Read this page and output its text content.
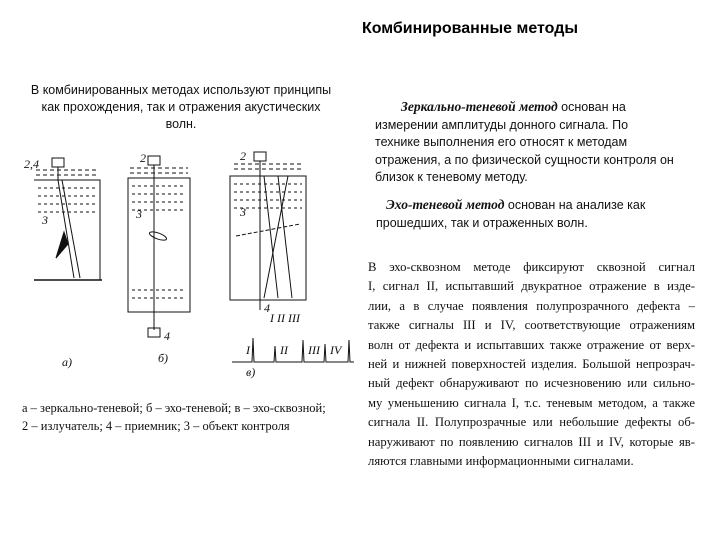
Комбинированные методы
В комбинированных методах используют принципы как прохождения, так и отражения акустических волн.
Зеркально-теневой метод основан на измерении амплитуды донного сигнала. По технике выполнения его относят к методам отражения, а по физической сущности контроля он близок к теневому методу.
Эхо-теневой метод основан на анализе как прошедших, так и отраженных волн.
В эхо-сквозном методе фиксируют сквозной сигнал
I, сигнал II, испытавший двукратное отражение в изде-
лии, а в случае появления полупрозрачного дефекта –
также сигналы III и IV, соответствующие отражениям
волн от дефекта и испытавших также отражение от верх-
ней и нижней поверхностей изделия. Большой непрозрач-
ный дефект обнаруживают по исчезновению или сильно-
му уменьшению сигнала I, т.с. теневым методом, а также
сигнала II. Полупрозрачные или небольшие дефекты об-
наруживают по появлению сигналов III и IV, которые яв-
ляются главными информационными сигналами.
2,4
3
а)
2
3
4
б)
2
3
4
I II III
I	II III IV
в)
а – зеркально-теневой; б – эхо-теневой; в – эхо-сквозной;
2 – излучатель; 4 – приемник; 3 – объект контроля
